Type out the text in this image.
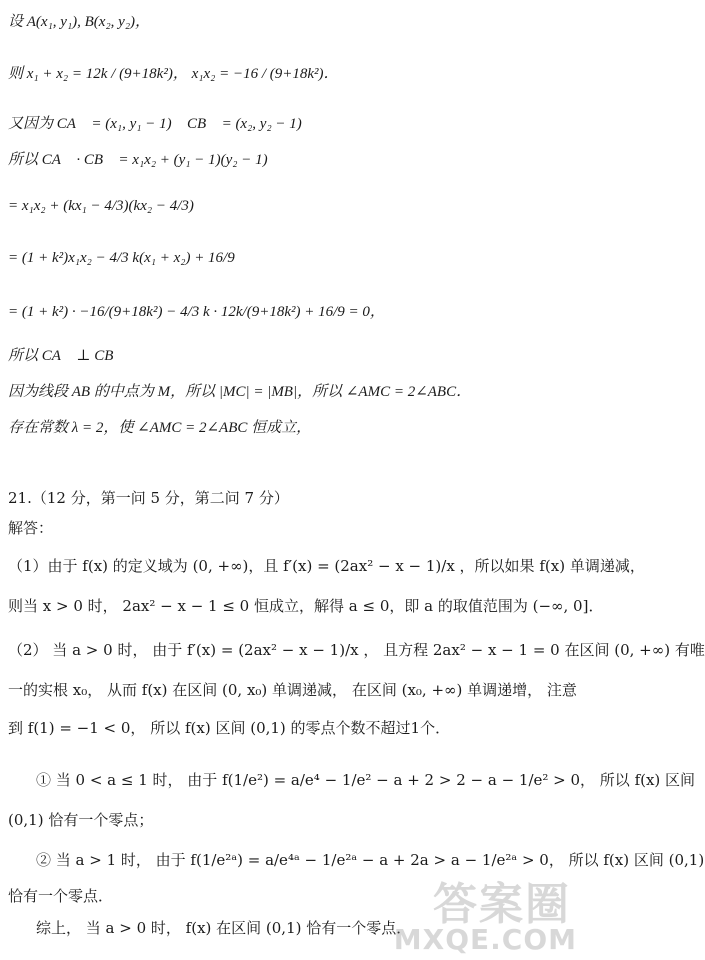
设 A(x₁, y₁), B(x₂, y₂)，
则 x₁ + x₂ = 12k / (9+18k²)， x₁x₂ = −16 / (9+18k²)．
又因为 CA⃗ = (x₁, y₁ − 1)， CB⃗ = (x₂, y₂ − 1)，
所以 CA⃗ · CB⃗ = x₁x₂ + (y₁ − 1)(y₂ − 1)
= x₁x₂ + (kx₁ − 4/3)(kx₂ − 4/3)
= (1 + k²)x₁x₂ − 4/3 k(x₁ + x₂) + 16/9
= (1 + k²) · −16/(9+18k²) − 4/3 k · 12k/(9+18k²) + 16/9 = 0，
所以 CA⃗ ⊥ CB⃗，
因为线段 AB 的中点为 M，所以 |MC| = |MB|，所以 ∠AMC = 2∠ABC．
存在常数 λ = 2，使 ∠AMC = 2∠ABC 恒成立，
21.（12 分，第一问 5 分，第二问 7 分）
解答：
（1）由于 f(x) 的定义域为 (0, +∞)，且 f′(x) = (2ax² − x − 1)/x ，所以如果 f(x) 单调递减，
则当 x > 0 时， 2ax² − x − 1 ≤ 0 恒成立，解得 a ≤ 0，即 a 的取值范围为 (−∞, 0]．
（2） 当 a > 0 时， 由于 f′(x) = (2ax² − x − 1)/x ， 且方程 2ax² − x − 1 = 0 在区间 (0, +∞) 有唯
一的实根 x₀， 从而 f(x) 在区间 (0, x₀) 单调递减， 在区间 (x₀, +∞) 单调递增， 注意
到 f(1) = −1 < 0， 所以 f(x) 区间 (0,1) 的零点个数不超过1个．
① 当 0 < a ≤ 1 时， 由于 f(1/e²) = a/e⁴ − 1/e² − a + 2 > 2 − a − 1/e² > 0， 所以 f(x) 区间
(0,1) 恰有一个零点；
② 当 a > 1 时， 由于 f(1/e²ᵃ) = a/e⁴ᵃ − 1/e²ᵃ − a + 2a > a − 1/e²ᵃ > 0， 所以 f(x) 区间 (0,1)
恰有一个零点．
综上， 当 a > 0 时， f(x) 在区间 (0,1) 恰有一个零点． 答案圈
MXQE.COM
